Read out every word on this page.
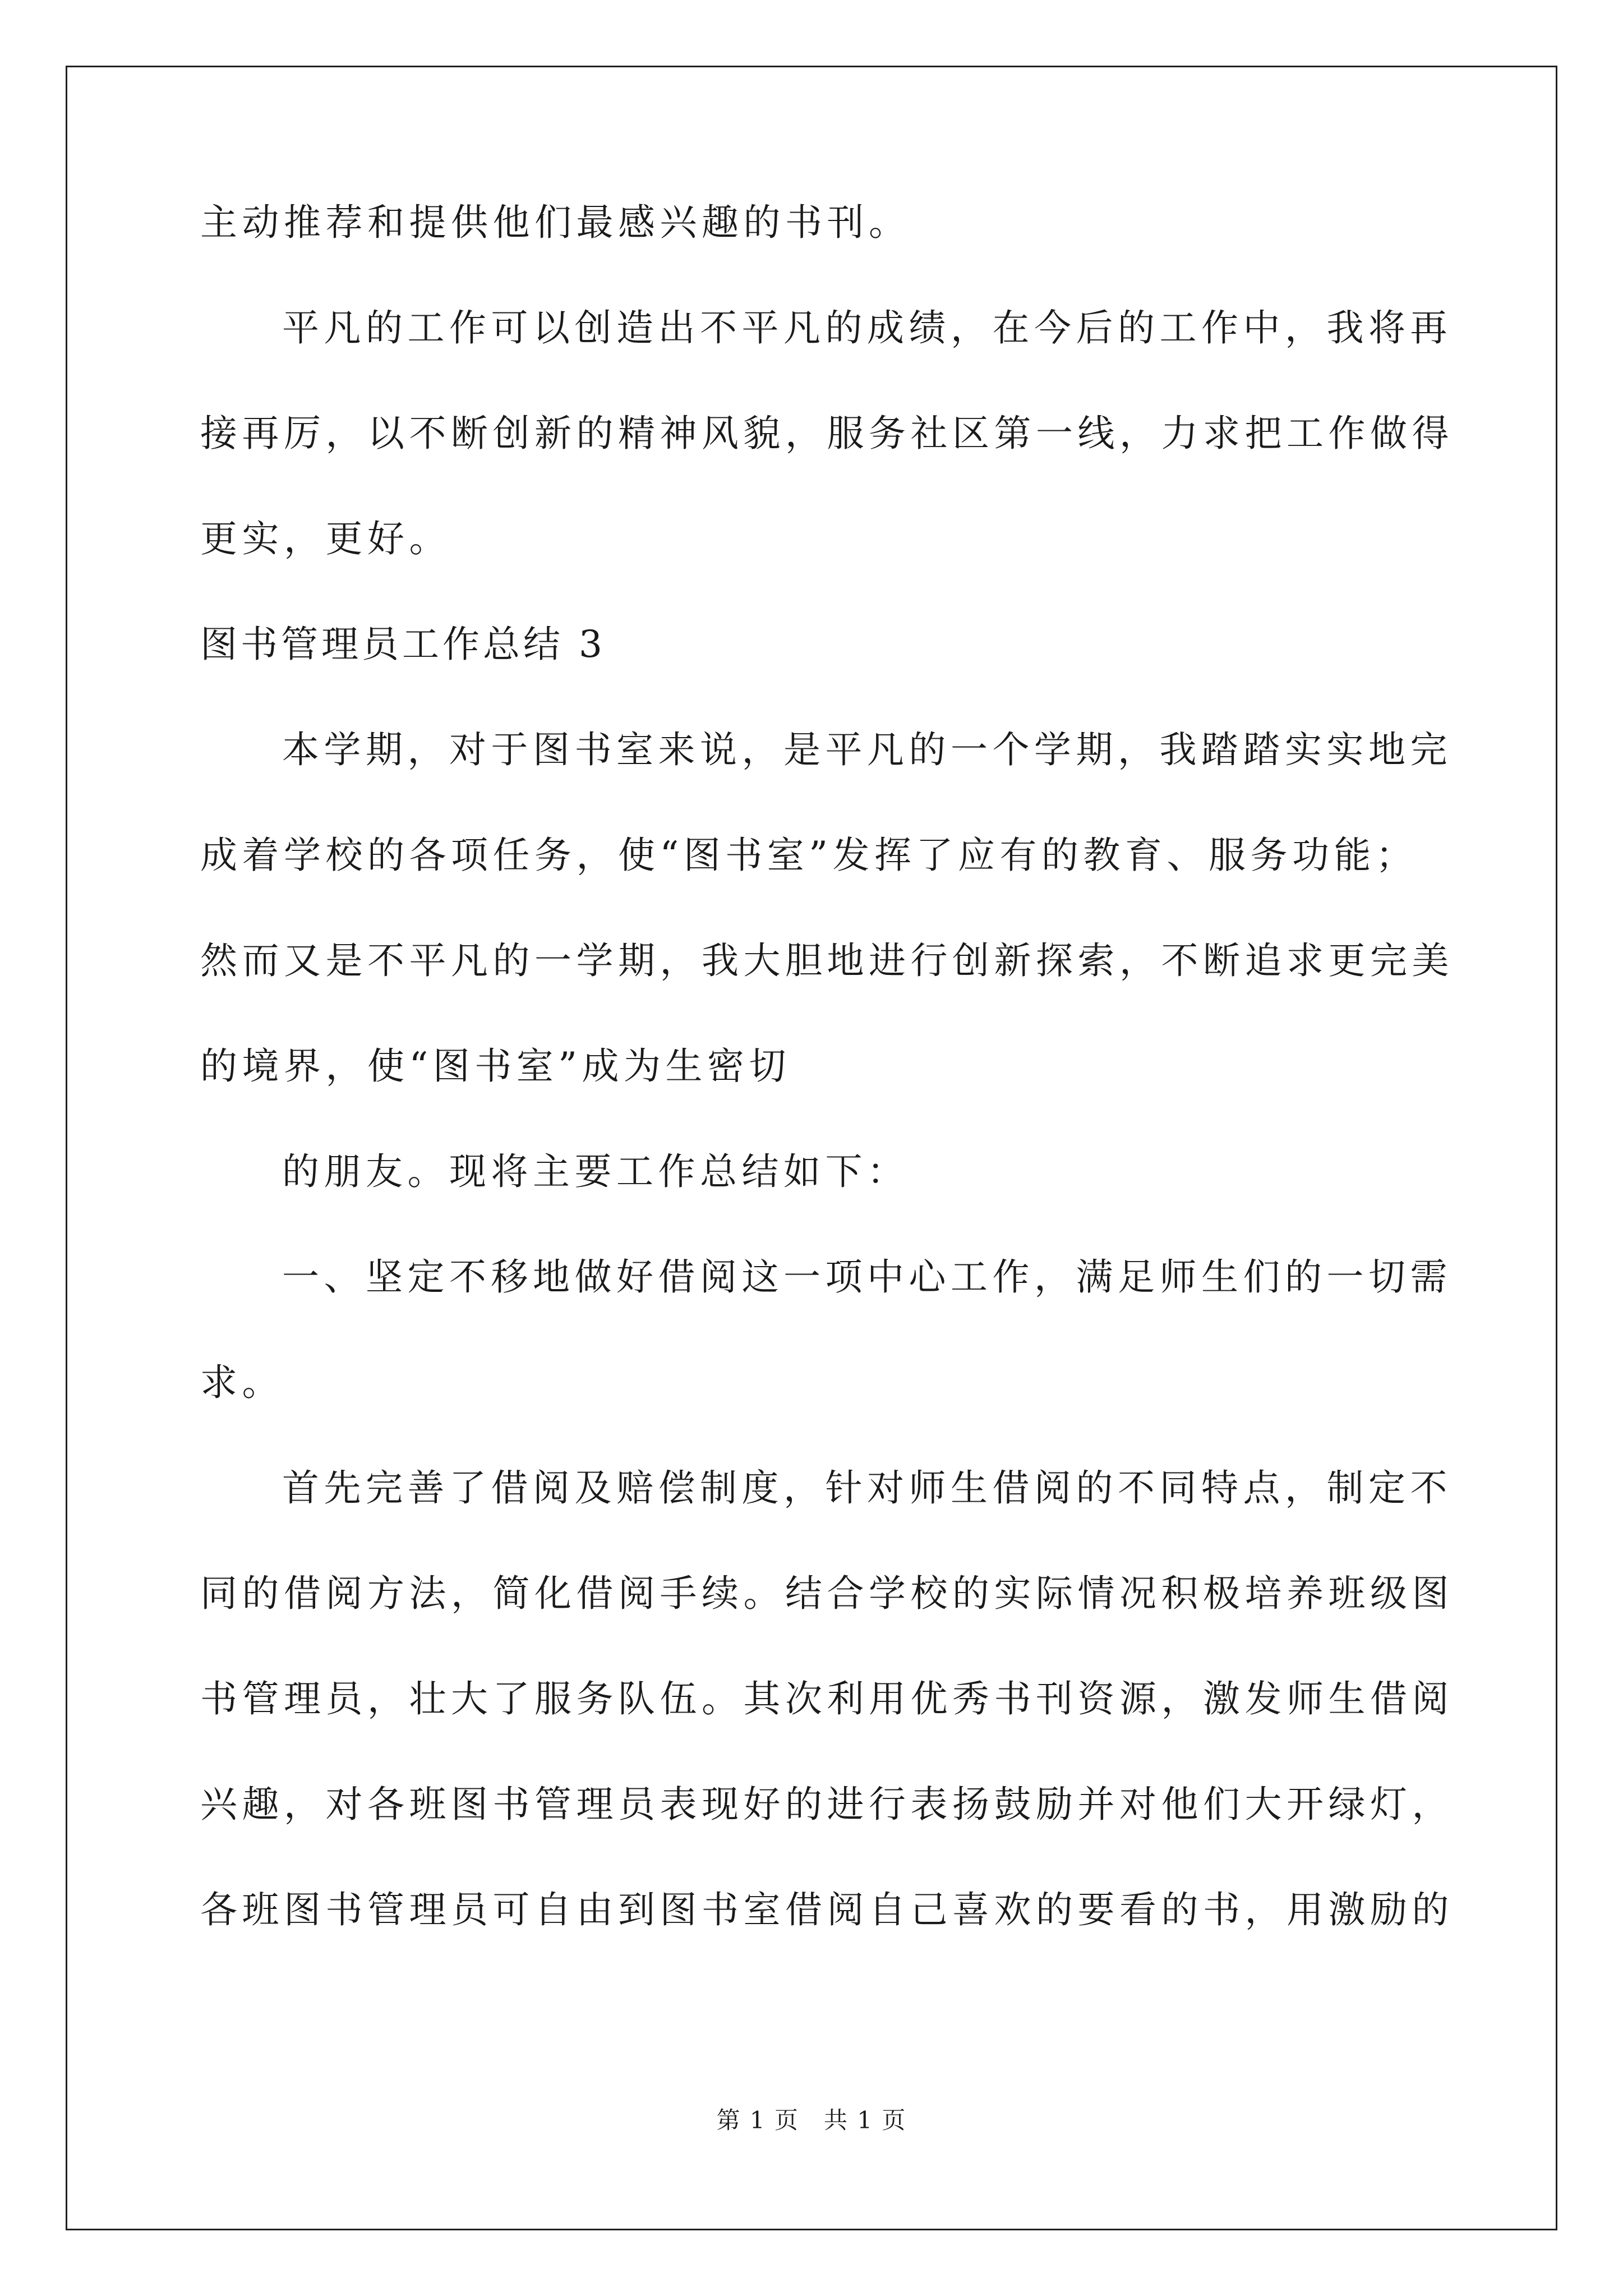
主动推荐和提供他们最感兴趣的书刊。
平凡的工作可以创造出不平凡的成绩，在今后的工作中，我将再
接再厉，以不断创新的精神风貌，服务社区第一线，力求把工作做得
更实，更好。
图书管理员工作总结 3
本学期，对于图书室来说，是平凡的一个学期，我踏踏实实地完
成着学校的各项任务，使“图书室”发挥了应有的教育、服务功能；
然而又是不平凡的一学期，我大胆地进行创新探索，不断追求更完美
的境界，使“图书室”成为生密切
的朋友。现将主要工作总结如下：
一、坚定不移地做好借阅这一项中心工作，满足师生们的一切需
求。
首先完善了借阅及赔偿制度，针对师生借阅的不同特点，制定不
同的借阅方法，简化借阅手续。结合学校的实际情况积极培养班级图
书管理员，壮大了服务队伍。其次利用优秀书刊资源，激发师生借阅
兴趣，对各班图书管理员表现好的进行表扬鼓励并对他们大开绿灯，
各班图书管理员可自由到图书室借阅自己喜欢的要看的书，用激励的
第 1 页　共 1 页
